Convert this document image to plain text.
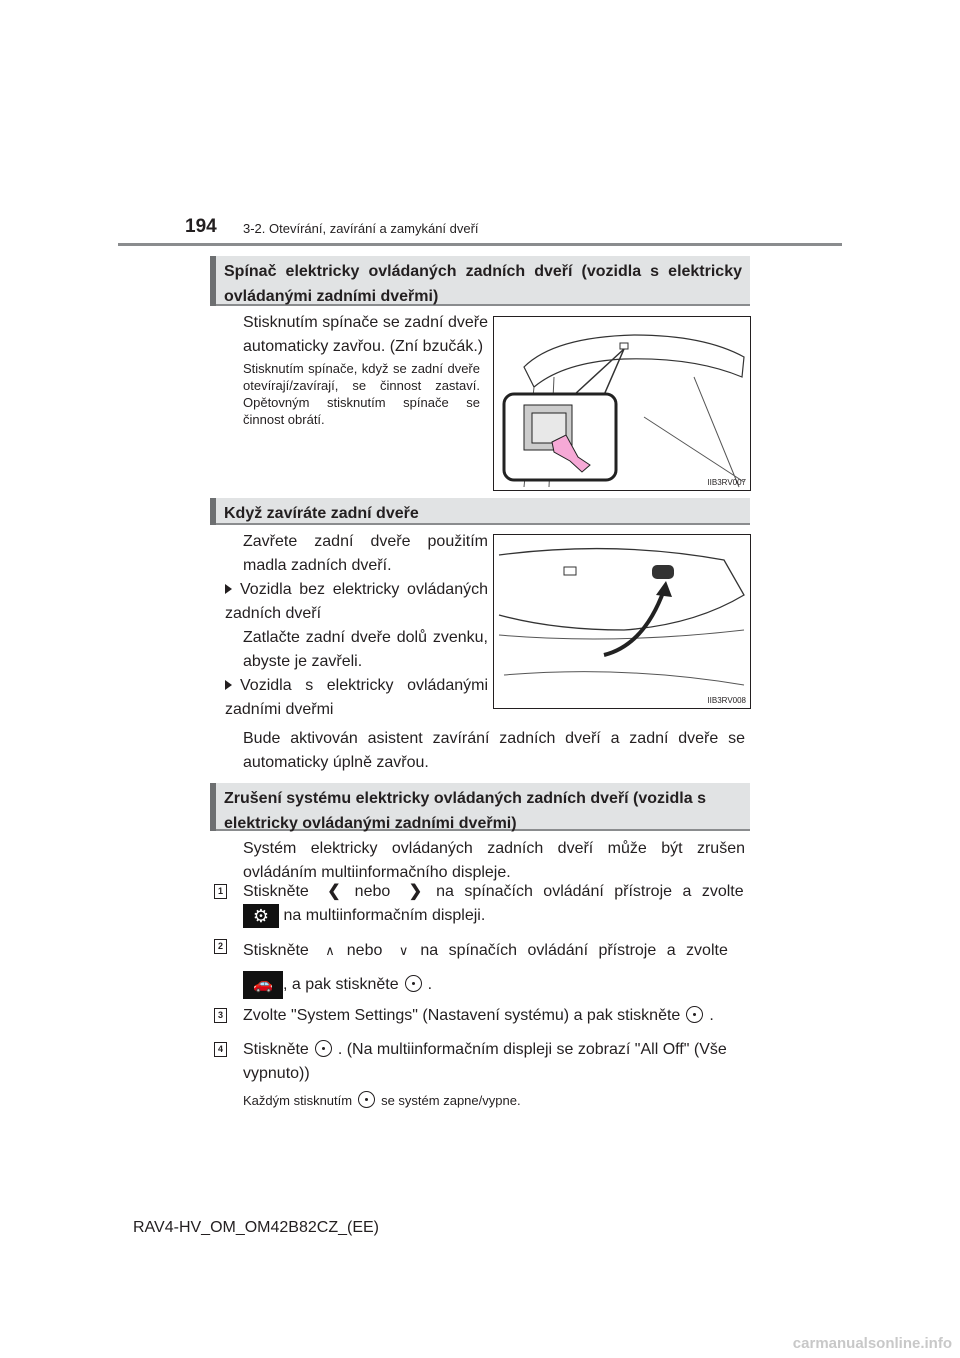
194 3-2. Otevírání, zavírání a zamykání dveří
Spínač elektricky ovládaných zadních dveří (vozidla s elektricky ovládanými zadními dveřmi)
Stisknutím spínače se zadní dveře automaticky zavřou. (Zní bzučák.)
Stisknutím spínače, když se zadní dveře otevírají/zavírají, se činnost zastaví. Opětovným stisknutím spínače se činnost obrátí.
IIB3RV007
Když zavíráte zadní dveře
Zavřete zadní dveře použitím madla zadních dveří.
Vozidla bez elektricky ovládaných zadních dveří
Zatlačte zadní dveře dolů zvenku, abyste je zavřeli.
Vozidla s elektricky ovládanými zadními dveřmi
IIB3RV008
Bude aktivován asistent zavírání zadních dveří a zadní dveře se automaticky úplně zavřou.
Zrušení systému elektricky ovládaných zadních dveří (vozidla s elektricky ovládanými zadními dveřmi)
Systém elektricky ovládaných zadních dveří může být zrušen ovládáním multiinformačního displeje.
1 Stiskněte ❮ nebo ❯ na spínačích ovládání přístroje a zvolte
⚙ na multiinformačním displeji.
2 Stiskněte ∧ nebo ∨ na spínačích ovládání přístroje a zvolte
🚗 , a pak stiskněte .
3 Zvolte "System Settings" (Nastavení systému) a pak stiskněte .
4 Stiskněte . (Na multiinformačním displeji se zobrazí "All Off" (Vše vypnuto))
Každým stisknutím se systém zapne/vypne.
RAV4-HV_OM_OM42B82CZ_(EE)
carmanualsonline.info
